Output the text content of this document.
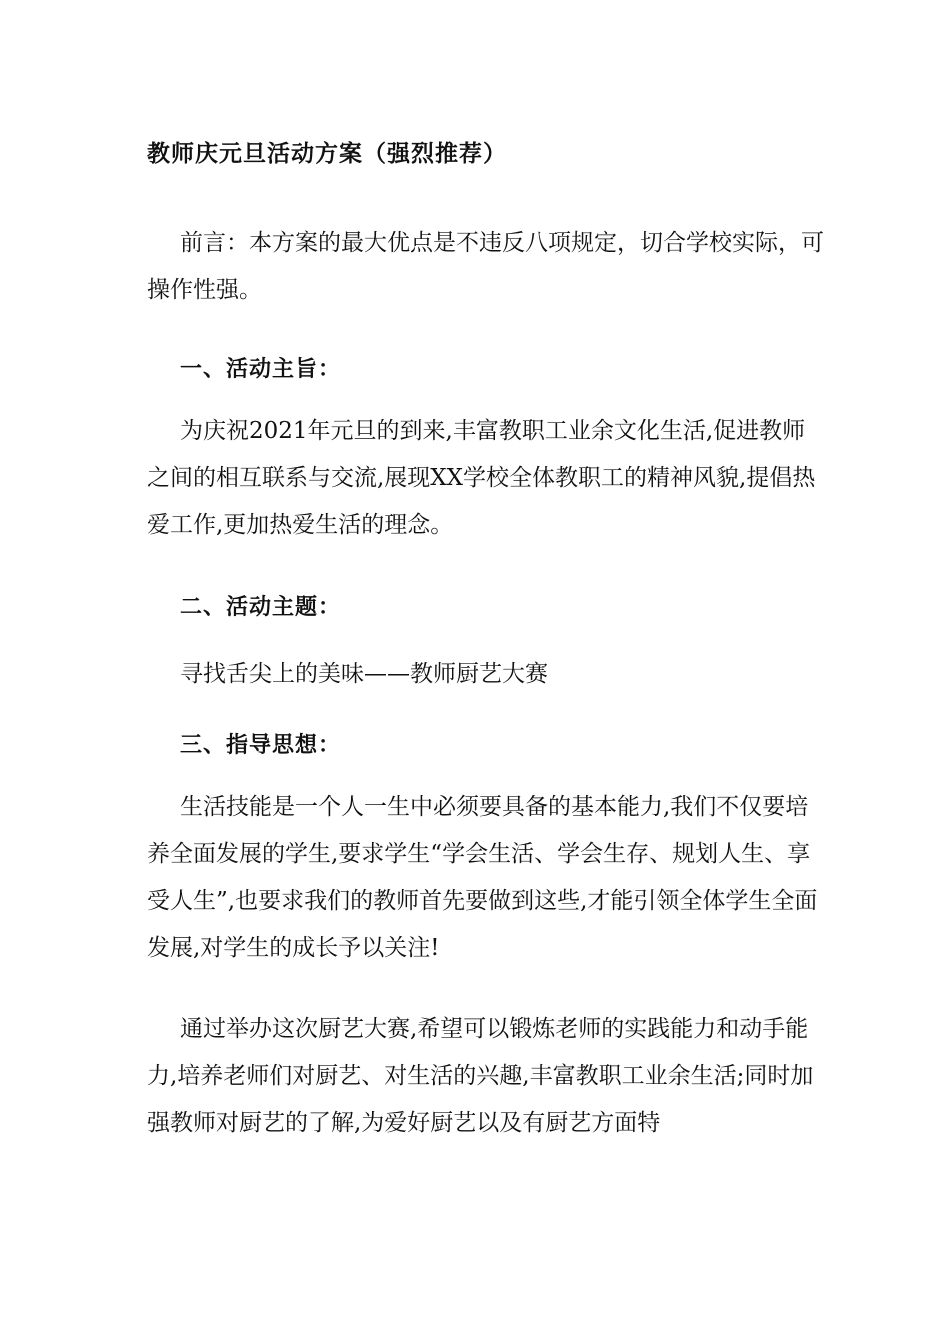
教师庆元旦活动方案（强烈推荐）

前言：本方案的最大优点是不违反八项规定，切合学校实际，可操作性强。

一、活动主旨：

为庆祝2021年元旦的到来,丰富教职工业余文化生活,促进教师之间的相互联系与交流,展现XX学校全体教职工的精神风貌,提倡热爱工作,更加热爱生活的理念。

二、活动主题：
寻找舌尖上的美味——教师厨艺大赛
三、指导思想：

生活技能是一个人一生中必须要具备的基本能力,我们不仅要培养全面发展的学生,要求学生“学会生活、学会生存、规划人生、享受人生”,也要求我们的教师首先要做到这些,才能引领全体学生全面发展,对学生的成长予以关注!

通过举办这次厨艺大赛,希望可以锻炼老师的实践能力和动手能力,培养老师们对厨艺、对生活的兴趣,丰富教职工业余生活;同时加强教师对厨艺的了解,为爱好厨艺以及有厨艺方面特
